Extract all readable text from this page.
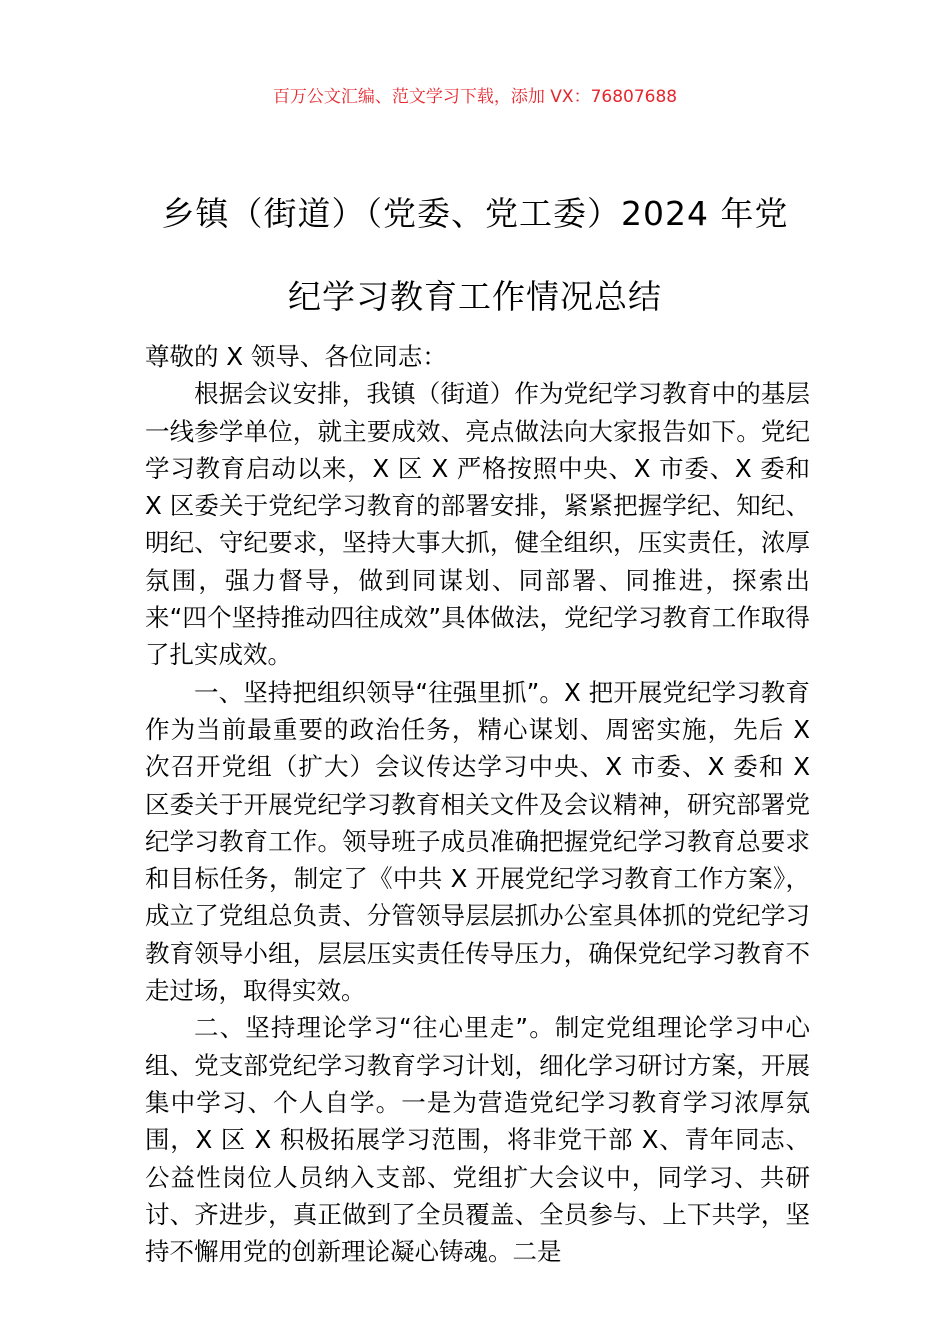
百万公文汇编、范文学习下载，添加 VX：76807688
乡镇（街道）（党委、党工委）2024 年党
纪学习教育工作情况总结

尊敬的 X 领导、各位同志：

根据会议安排，我镇（街道）作为党纪学习教育中的基层一线参学单位，就主要成效、亮点做法向大家报告如下。党纪学习教育启动以来，X 区 X 严格按照中央、X 市委、X 委和 X 区委关于党纪学习教育的部署安排，紧紧把握学纪、知纪、明纪、守纪要求，坚持大事大抓，健全组织，压实责任，浓厚氛围，强力督导，做到同谋划、同部署、同推进，探索出来“四个坚持推动四往成效”具体做法，党纪学习教育工作取得了扎实成效。

一、坚持把组织领导“往强里抓”。X 把开展党纪学习教育作为当前最重要的政治任务，精心谋划、周密实施，先后 X 次召开党组（扩大）会议传达学习中央、X 市委、X 委和 X 区委关于开展党纪学习教育相关文件及会议精神，研究部署党纪学习教育工作。领导班子成员准确把握党纪学习教育总要求和目标任务，制定了《中共 X 开展党纪学习教育工作方案》，成立了党组总负责、分管领导层层抓办公室具体抓的党纪学习教育领导小组，层层压实责任传导压力，确保党纪学习教育不走过场，取得实效。

二、坚持理论学习“往心里走”。制定党组理论学习中心组、党支部党纪学习教育学习计划，细化学习研讨方案，开展集中学习、个人自学。一是为营造党纪学习教育学习浓厚氛围，X 区 X 积极拓展学习范围，将非党干部 X、青年同志、公益性岗位人员纳入支部、党组扩大会议中，同学习、共研讨、齐进步，真正做到了全员覆盖、全员参与、上下共学，坚持不懈用党的创新理论凝心铸魂。二是
